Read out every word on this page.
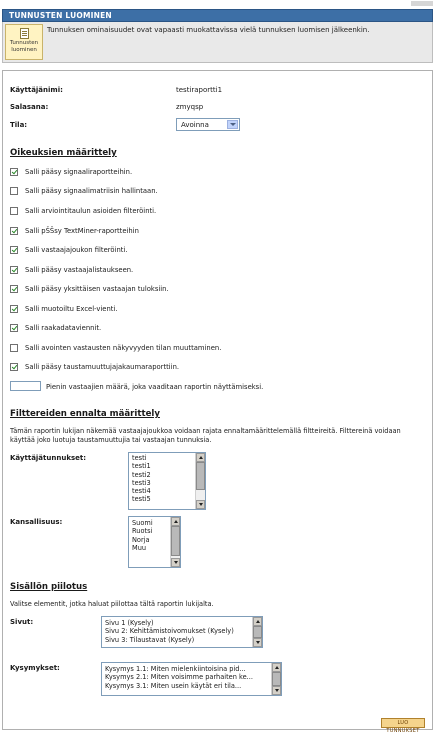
TUNNUSTEN LUOMINEN
Tunnusten luominen
Tunnuksen ominaisuudet ovat vapaasti muokattavissa vielä tunnuksen luomisen jälkeenkin.
Käyttäjänimi:	testiraportti1
Salasana:	zmyqsp
Tila:	Avoinna
Oikeuksien määrittely
Salli pääsy signaaliraportteihin.
Salli pääsy signaalimatriisin hallintaan.
Salli arviointitaulun asioiden filteröinti.
Salli pŠŠsy TextMiner-raportteihin
Salli vastaajajoukon filteröinti.
Salli pääsy vastaajalistaukseen.
Salli pääsy yksittäisen vastaajan tuloksiin.
Salli muotoiltu Excel-vienti.
Salli raakadataviennit.
Salli avointen vastausten näkyvyyden tilan muuttaminen.
Salli pääsy taustamuuttujajakaumaraporttiin.
Pienin vastaajien määrä, joka vaaditaan raportin näyttämiseksi.
Filttereiden ennalta määrittely
Tämän raportin lukijan näkemää vastaajajoukkoa voidaan rajata ennaltamäärittelemällä filtteireitä. Filttereinä voidaan käyttää joko luotuja taustamuuttujia tai vastaajan tunnuksia.
Käyttäjätunnukset:	testi
testi1
testi2
testi3
testi4
testi5
Kansallisuus:	Suomi
Ruotsi
Norja
Muu
Sisällön piilotus
Valitse elementit, jotka haluat piilottaa tältä raportin lukijalta.
Sivut:	Sivu 1 (Kysely)
Sivu 2: Kehittämistoivomukset (Kysely)
Sivu 3: Tilaustavat (Kysely)
Kysymykset:	Kysymys 1.1: Miten mielenkiintoisina pid...
Kysymys 2.1: Miten voisimme parhaiten ke...
Kysymys 3.1: Miten usein käytät eri tila...
LUO TUNNUKSET
